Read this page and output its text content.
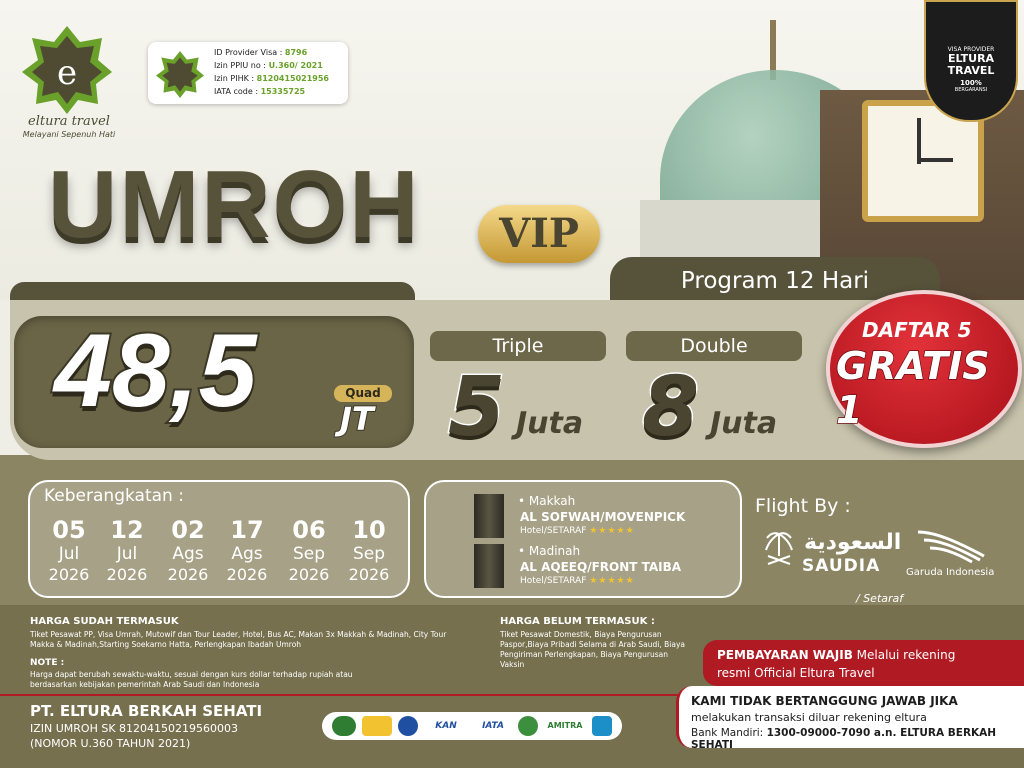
VISA PROVIDER
ELTURA
TRAVEL
100%
BERGARANSI
e
eltura travel
Melayani Sepenuh Hati
ID Provider Visa : 8796
Izin PPIU no : U.360/ 2021
Izin PIHK : 8120415021956
IATA code : 15335725
UMROH	VIP
Program 12 Hari
48,5	Quad
JT
Triple	Double
5 Juta 8 Juta
DAFTAR 5
GRATIS 1
Keberangkatan :
05
Jul
2026
12
Jul
2026
02
Ags
2026
17
Ags
2026
06
Sep
2026
10
Sep
2026
• Makkah
AL SOFWAH/MOVENPICK
Hotel/SETARAF ★★★★★
• Madinah
AL AQEEQ/FRONT TAIBA
Hotel/SETARAF ★★★★★
Flight By :
السعودية
SAUDIA	Garuda Indonesia
/ Setaraf
HARGA SUDAH TERMASUK
Tiket Pesawat PP, Visa Umrah, Mutowif dan Tour Leader, Hotel, Bus AC, Makan 3x Makkah & Madinah, City Tour Makka & Madinah,Starting Soekarno Hatta, Perlengkapan Ibadah Umroh
NOTE :
Harga dapat berubah sewaktu-waktu, sesuai dengan kurs dollar terhadap rupiah atau berdasarkan kebijakan pemerintah Arab Saudi dan Indonesia
HARGA BELUM TERMASUK :
Tiket Pesawat Domestik, Biaya Pengurusan Paspor,Biaya Pribadi Selama di Arab Saudi, Biaya Pengiriman Perlengkapan, Biaya Pengurusan Vaksin
PT. ELTURA BERKAH SEHATI
IZIN UMROH SK 81204150219560003
(NOMOR U.360 TAHUN 2021)
KAN	IATA	AMITRA
PEMBAYARAN WAJIB Melalui rekening
resmi Official Eltura Travel
KAMI TIDAK BERTANGGUNG JAWAB JIKA
melakukan transaksi diluar rekening eltura
Bank Mandiri: 1300-09000-7090 a.n. ELTURA BERKAH SEHATI
